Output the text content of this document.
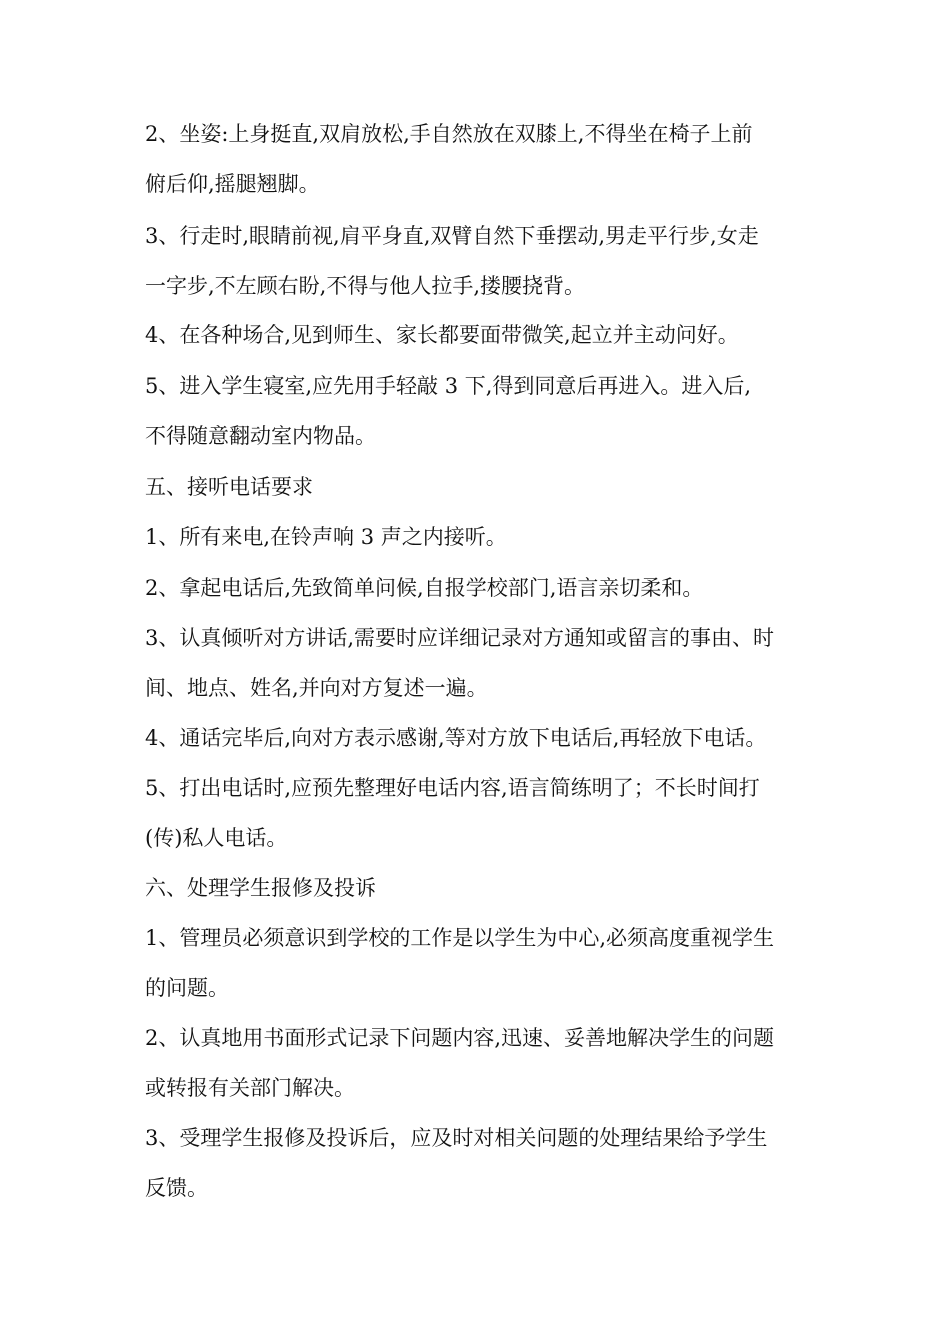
2、坐姿:上身挺直,双肩放松,手自然放在双膝上,不得坐在椅子上前
俯后仰,摇腿翘脚。
3、行走时,眼睛前视,肩平身直,双臂自然下垂摆动,男走平行步,女走
一字步,不左顾右盼,不得与他人拉手,搂腰挠背。
4、在各种场合,见到师生、家长都要面带微笑,起立并主动问好。
5、进入学生寝室,应先用手轻敲 3 下,得到同意后再进入。进入后,
不得随意翻动室内物品。
五、接听电话要求
1、所有来电,在铃声响 3 声之内接听。
2、拿起电话后,先致简单问候,自报学校部门,语言亲切柔和。
3、认真倾听对方讲话,需要时应详细记录对方通知或留言的事由、时
间、地点、姓名,并向对方复述一遍。
4、通话完毕后,向对方表示感谢,等对方放下电话后,再轻放下电话。
5、打出电话时,应预先整理好电话内容,语言简练明了；不长时间打
(传)私人电话。
六、处理学生报修及投诉
1、管理员必须意识到学校的工作是以学生为中心,必须高度重视学生
的问题。
2、认真地用书面形式记录下问题内容,迅速、妥善地解决学生的问题
或转报有关部门解决。
3、受理学生报修及投诉后，应及时对相关问题的处理结果给予学生
反馈。
